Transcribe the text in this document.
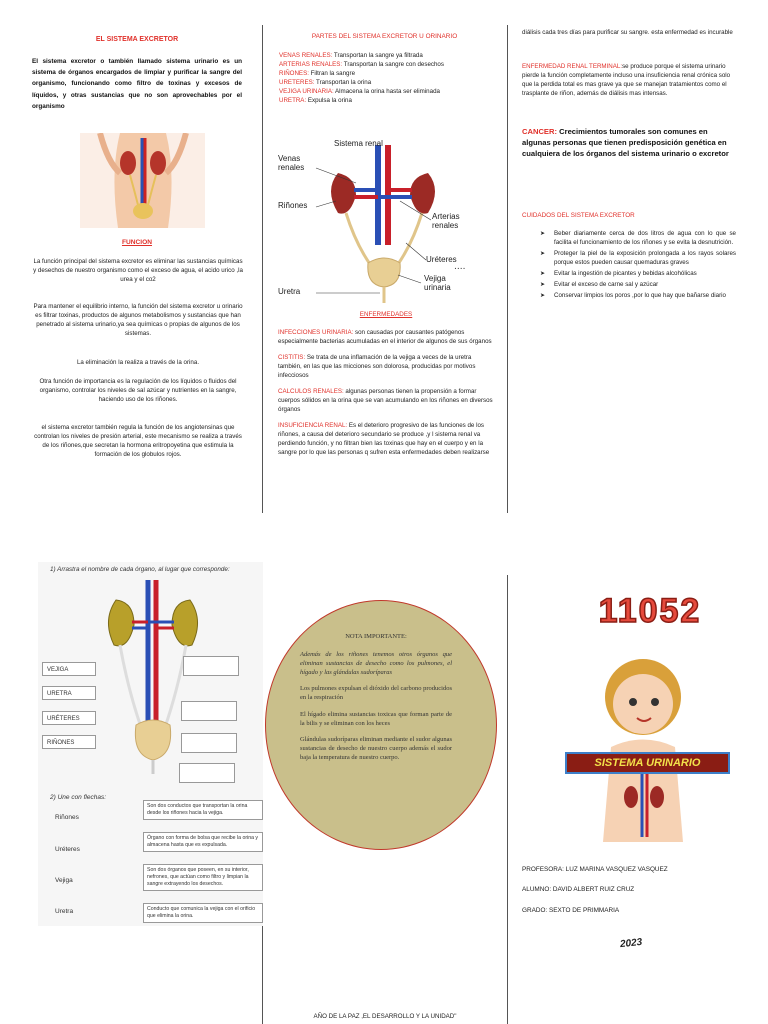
EL SISTEMA EXCRETOR
El sistema excretor o también llamado sistema urinario es un sistema de órganos encargados de limpiar y purificar la sangre del organismo, funcionando como filtro de toxinas y excesos de líquidos, y otras sustancias que no son aprovechables por el organismo
FUNCION
La función principal del sistema excretor es eliminar las sustancias químicas y desechos de nuestro organismo como el exceso de agua, el acido urico ,la urea y el co2
Para mantener el equilibrio interno, la función del sistema excretor u orinario es filtrar toxinas, productos de algunos metabolismos y sustancias que han penetrado al sistema urinario,ya sea químicas o propias de algunos de los sistemas.
La eliminación la realiza a través de la orina.
Otra función de importancia es la regulación de los líquidos o fluidos del organismo, controlar los niveles de sal azúcar y nutrientes en la sangre, haciendo uso de los riñones.
el sistema excretor también regula la función de los angiotensinas que controlan los niveles de presión arterial, este mecanismo se realiza a través de los riñones,que secretan la hormona eritropoyetina que estimula la formación de los globulos rojos.
PARTES DEL SISTEMA EXCRETOR U ORINARIO
VENAS RENALES: Transportan la sangre ya filtrada
ARTERIAS RENALES: Transportan la sangre con desechos
RIÑONES: Filtran la sangre
URETERES: Transportan la orina
VEJIGA URINARIA: Almacena la orina hasta ser eliminada
URETRA: Expulsa la orina
....
Sistema renal
Venas renales
Riñones
Arterias renales
Uréteres
Vejiga urinaria
Uretra
ENFERMEDADES
INFECCIONES URINARIA: son causadas por causantes patógenos especialmente bacterias acumuladas en el interior de algunos de sus órganos
CISTITIS: Se trata de una inflamación de la vejiga a veces de la uretra también, en las que las micciones son dolorosa, producidas por motivos infecciosos
CALCULOS RENALES: algunas personas tienen la propensión a formar cuerpos sólidos en la orina que se van acumulando en los riñones en diversos órganos
INSUFICIENCIA RENAL: Es el deterioro progresivo de las funciones de los riñones, a causa del deterioro secundario se produce ,y l sistema renal va perdiendo función, y no filtran bien las toxinas que hay en el cuerpo y en la sangre por lo que las personas q sufren esta enfermedades deben realizarse
diálisis cada tres días para purificar su sangre. esta enfermedad es incurable
ENFERMEDAD RENAL TERMINAL:se produce porque el sistema urinario pierde la función completamente incluso una insuficiencia renal crónica solo que la perdida total es mas grave ya que se manejan tratamientos como el trasplante de riñon, además de diálisis mas intensas.
CANCER: Crecimientos tumorales son comunes en algunas personas que tienen predisposición genética en cualquiera de los órganos del sistema urinario o excretor
CUIDADOS DEL SISTEMA EXCRETOR
➤ Beber diariamente cerca de dos litros de agua con lo que se facilita el funcionamiento de los riñones y se evita la desnutrición.
➤ Proteger la piel de la exposición prolongada a los rayos solares porque estos pueden causar quemaduras graves
➤ Evitar la ingestión de picantes y bebidas alcohólicas
➤ Evitar el exceso de carne sal y azúcar
➤ Conservar limpios los poros ,por lo que hay que bañarse diario
1) Arrastra el nombre de cada órgano, al lugar que corresponde:
VEJIGA
URETRA
URÉTERES
RIÑONES
2) Une con flechas:
Riñones
Uréteres
Vejiga
Uretra
Son dos conductos que transportan la orina desde los riñones hacia la vejiga.
Órgano con forma de bolsa que recibe la orina y almacena hasta que es expulsada.
Son dos órganos que poseen, en su interior, nefrones, que actúan como filtro y limpian la sangre extrayendo los desechos.
Conducto que comunica la vejiga con el orificio que elimina la orina.
NOTA IMPORTANTE:
Además de los riñones tenemos otros órganos que eliminan sustancias de desecho como los pulmones, el hígado y las glándulas sudoríparas
Los pulmones expulsan el dióxido del carbono producidos en la respiración
El hígado elimina sustancias toxicas que forman parte de la bilis y se eliminan con los heces
Glándulas sudoríparas eliminan mediante el sudor algunas sustancias de desecho de nuestro cuerpo además el sudor baja la temperatura de nuestro cuerpo.
11052
SISTEMA URINARIO
PROFESORA: LUZ MARINA VASQUEZ VASQUEZ
ALUMNO: DAVID ALBERT RUIZ CRUZ
GRADO: SEXTO DE PRIMMARIA
2023
AÑO DE LA PAZ ,EL DESARROLLO Y LA UNIDAD"
